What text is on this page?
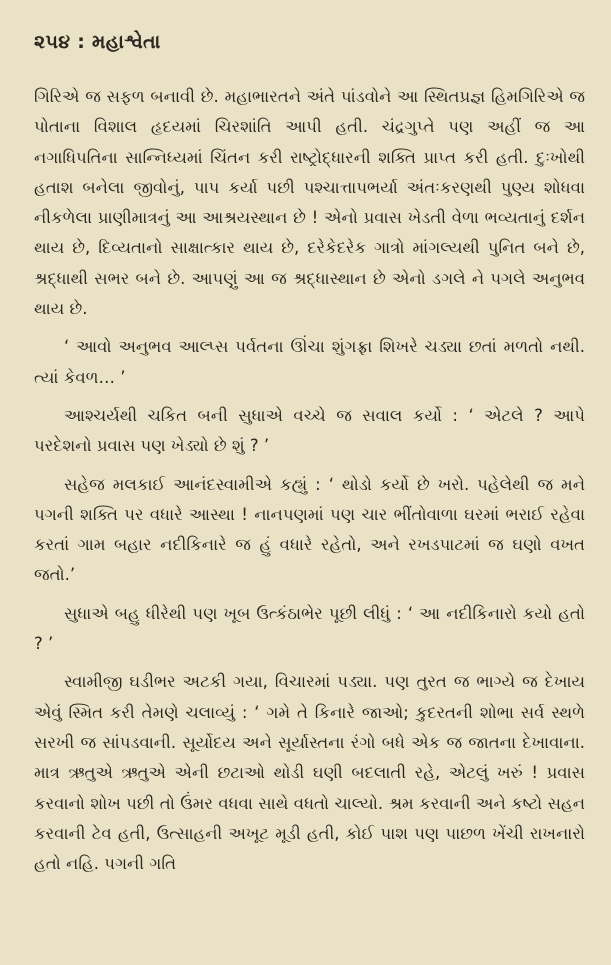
૨૫૪ : મહાશ્વેતા

ગિરિએ જ સફળ બનાવી છે. મહાભારતને અંતે પાંડવોને આ સ્થિતપ્રજ્ઞ હિમગિરિએ જ પોતાના વિશાલ હૃદયમાં ચિરશાંતિ આપી હતી. ચંદ્રગુપ્તે પણ અહીં જ આ નગાધિપતિના સાન્નિધ્યમાં ચિંતન કરી રાષ્ટ્રોદ્ધારની શક્તિ પ્રાપ્ત કરી હતી. દુઃખોથી હતાશ બનેલા જીવોનું, પાપ કર્યા પછી પશ્ચાત્તાપભર્યા અંતઃકરણથી પુણ્ય શોધવા નીકળેલા પ્રાણીમાત્રનું આ આશ્રયસ્થાન છે ! એનો પ્રવાસ ખેડતી વેળા ભવ્યતાનું દર્શન થાય છે, દિવ્યતાનો સાક્ષાત્કાર થાય છે, દરેકેદરેક ગાત્રો માંગલ્યથી પુનિત બને છે, શ્રદ્ધાથી સભર બને છે. આપણું આ જ શ્રદ્ધાસ્થાન છે એનો ડગલે ને પગલે અનુભવ થાય છે.

‘ આવો અનુભવ આલ્પ્સ પર્વતના ઊંચા શુંગફ્રા શિખરે ચડ્યા છતાં મળતો નથી. ત્યાં કેવળ… ’

આશ્ચર્યથી ચકિત બની સુધાએ વચ્ચે જ સવાલ કર્યો : ‘ એટલે ? આપે પરદેશનો પ્રવાસ પણ ખેડ્યો છે શું ? ’

સહેજ મલકાઈ આનંદસ્વામીએ કહ્યું : ‘ થોડો કર્યો છે ખરો. પહેલેથી જ મને પગની શક્તિ પર વધારે આસ્થા ! નાનપણમાં પણ ચાર ભીંતોવાળા ઘરમાં ભરાઈ રહેવા કરતાં ગામ બહાર નદીકિનારે જ હું વધારે રહેતો, અને રખડપાટમાં જ ઘણો વખત જતો.’

સુધાએ બહુ ધીરેથી પણ ખૂબ ઉત્કંઠાભેર પૂછી લીધું : ‘ આ નદીકિનારો કયો હતો ? ’

સ્વામીજી ઘડીભર અટકી ગયા, વિચારમાં પડ્યા. પણ તુરત જ ભાગ્યે જ દેખાય એવું સ્મિત કરી તેમણે ચલાવ્યું : ‘ ગમે તે કિનારે જાઓ; કુદરતની શોભા સર્વ સ્થળે સરખી જ સાંપડવાની. સૂર્યોદય અને સૂર્યાસ્તના રંગો બધે એક જ જાતના દેખાવાના. માત્ર ઋતુએ ઋતુએ એની છટાઓ થોડી ઘણી બદલાતી રહે, એટલું ખરું ! પ્રવાસ કરવાનો શોખ પછી તો ઉંમર વધવા સાથે વધતો ચાલ્યો. શ્રમ કરવાની અને કષ્ટો સહન કરવાની ટેવ હતી, ઉત્સાહની અખૂટ મૂડી હતી, કોઈ પાશ પણ પાછળ ખેંચી રાખનારો હતો નહિ. પગની ગતિ
